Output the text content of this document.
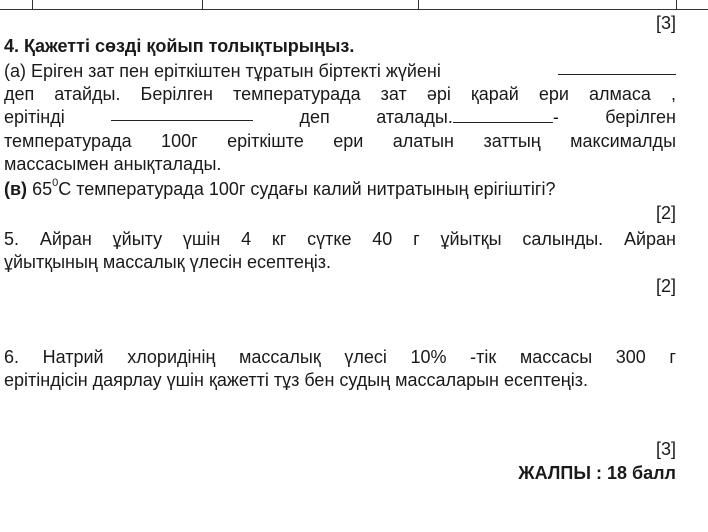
[3]
4. Қажетті сөзді қойып толықтырыңыз.
(а) Еріген зат пен еріткіштен тұратын біртекті жүйені
деп атайды. Берілген температурада зат әрі қарай ери алмаса ,
ерітінді	деп	аталады.	-	берілген
температурада 100г еріткіште ери алатын заттың максималды
массасымен анықталады.
(в) $65^0С$ температурада 100г судағы калий нитратының ерігіштігі?
[2]
5. Айран ұйыту үшін 4 кг сүтке 40 г ұйытқы салынды. Айран
ұйытқының массалық үлесін есептеңіз.
[2]
6. Натрий хлоридінің массалық үлесі 10% -тік массасы 300 г
ерітіндісін даярлау үшін қажетті тұз бен судың массаларын есептеңіз.
[3]
ЖАЛПЫ : 18 балл
